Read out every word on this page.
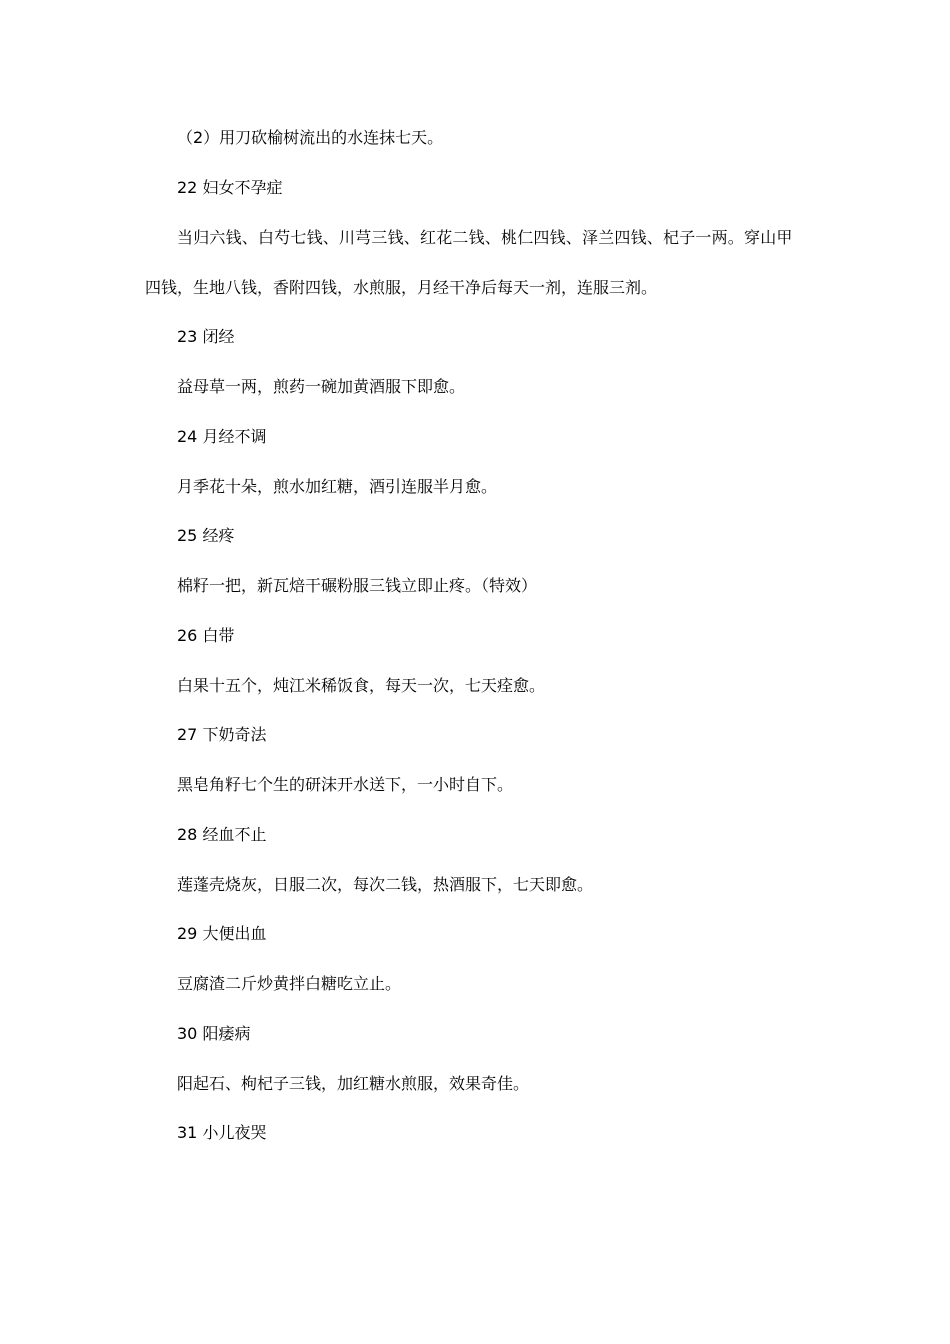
（2）用刀砍榆树流出的水连抹七天。
22 妇女不孕症
当归六钱、白芍七钱、川芎三钱、红花二钱、桃仁四钱、泽兰四钱、杞子一两。穿山甲
四钱，生地八钱，香附四钱，水煎服，月经干净后每天一剂，连服三剂。
23 闭经
益母草一两，煎药一碗加黄酒服下即愈。
24 月经不调
月季花十朵，煎水加红糖，酒引连服半月愈。
25 经疼
棉籽一把，新瓦焙干碾粉服三钱立即止疼。（特效）
26 白带
白果十五个，炖江米稀饭食，每天一次，七天痊愈。
27 下奶奇法
黑皂角籽七个生的研沫开水送下，一小时自下。
28 经血不止
莲蓬壳烧灰，日服二次，每次二钱，热酒服下，七天即愈。
29 大便出血
豆腐渣二斤炒黄拌白糖吃立止。
30 阳痿病
阳起石、枸杞子三钱，加红糖水煎服，效果奇佳。
31 小儿夜哭
